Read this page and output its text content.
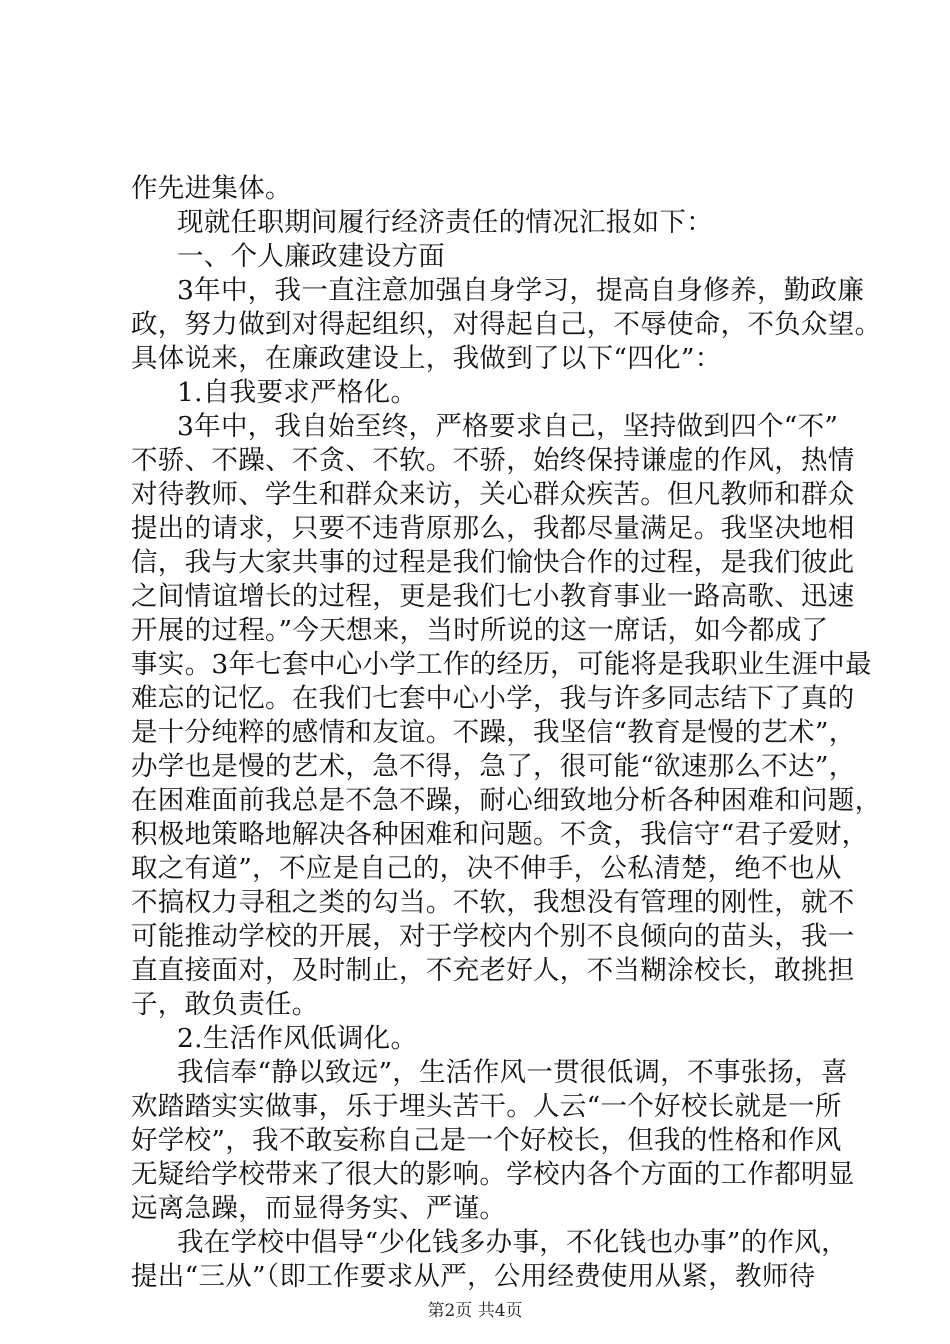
作先进集体。
现就任职期间履行经济责任的情况汇报如下：
一、个人廉政建设方面
3年中，我一直注意加强自身学习，提高自身修养，勤政廉
政，努力做到对得起组织，对得起自己，不辱使命，不负众望。
具体说来，在廉政建设上，我做到了以下“四化”：
1.自我要求严格化。
3年中，我自始至终，严格要求自己，坚持做到四个“不”
不骄、不躁、不贪、不软。不骄，始终保持谦虚的作风，热情
对待教师、学生和群众来访，关心群众疾苦。但凡教师和群众
提出的请求，只要不违背原那么，我都尽量满足。我坚决地相
信，我与大家共事的过程是我们愉快合作的过程，是我们彼此
之间情谊增长的过程，更是我们七小教育事业一路高歌、迅速
开展的过程。”今天想来，当时所说的这一席话，如今都成了
事实。3年七套中心小学工作的经历，可能将是我职业生涯中最
难忘的记忆。在我们七套中心小学，我与许多同志结下了真的
是十分纯粹的感情和友谊。不躁，我坚信“教育是慢的艺术”，
办学也是慢的艺术，急不得，急了，很可能“欲速那么不达”，
在困难面前我总是不急不躁，耐心细致地分析各种困难和问题，
积极地策略地解决各种困难和问题。不贪，我信守“君子爱财，
取之有道”，不应是自己的，决不伸手，公私清楚，绝不也从
不搞权力寻租之类的勾当。不软，我想没有管理的刚性，就不
可能推动学校的开展，对于学校内个别不良倾向的苗头，我一
直直接面对，及时制止，不充老好人，不当糊涂校长，敢挑担
子，敢负责任。
2.生活作风低调化。
我信奉“静以致远”，生活作风一贯很低调，不事张扬，喜
欢踏踏实实做事，乐于埋头苦干。人云“一个好校长就是一所
好学校”，我不敢妄称自己是一个好校长，但我的性格和作风
无疑给学校带来了很大的影响。学校内各个方面的工作都明显
远离急躁，而显得务实、严谨。
我在学校中倡导“少化钱多办事，不化钱也办事”的作风，
提出“三从”（即工作要求从严，公用经费使用从紧，教师待
第2页 共4页
